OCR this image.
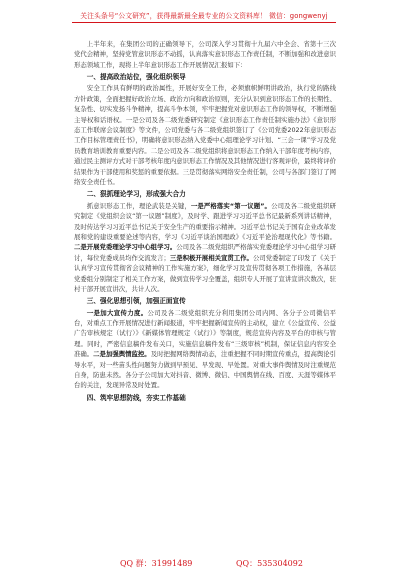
关注头条号“公文研究”，获得最新最全最专业的公文资料库！ 微信：gongwenyj

上半年来，在集团公司的正确领导下，公司深入学习贯彻十九届六中全会、省第十三次党代会精神，坚持党管意识形态不动摇，认真落实意识形态工作责任制，不断加强和改进意识形态领域工作，现将上半年意识形态工作开展情况汇报如下：

一、提高政治站位，强化组织领导

安全工作具有鲜明的政治属性，开展好安全工作，必须旗帜鲜明讲政治，执行党的路线方针政策，全面把握好政治立场、政治方向和政治原则，充分认识到意识形态工作的长期性、复杂性、切实发扬斗争精神，提高斗争本领，牢牢把握党对意识形态工作的领导权，不断增强主导权和话语权。一是公司及各二级党委研究制定《意识形态工作责任制实施办法》《意识形态工作联席会议制度》等文件，公司党委与各二级党组织签订了《公司党委2022年意识形态工作目标管理责任书》，明确将意识形态纳入党委中心组理论学习计划、“三会一课”学习及党员教育培训教育重要内容。二是公司及各二级党组织将意识形态工作纳入干部年度考核内容，通过民主测评方式对干部考核年度内意识形态工作情况及其他情况进行客观评价，最终将评价结果作为干部使用和奖惩的重要依据。三是贯彻落实网络安全责任制，公司与各部门签订了网络安全责任书。

二、狠抓理论学习，形成强大合力

抓意识形态工作，理论武装是关键，一是严格落实“第一议题”。公司及各二级党组织研究制定《党组织会议“第一议题”制度》，及时学、跟进学习习近平总书记最新系列讲话精神，及时传达学习习近平总书记关于安全生产的重要指示精神。习近平总书记关于国有企业改革发展和党的建设重要论述等内容，学习《习近平谈治国理政》《习近平论治理现代化》等书籍。二是开展党委理论学习中心组学习。公司及各二级党组织严格落实党委理论学习中心组学习研讨，每位党委成员均作交流发言；三是积极开展相关宣贯工作。公司党委制定了印发了《关于认真学习宣传贯彻省会议精神的工作实施方案》，细化学习及宣传贯彻各项工作措施，各基层党委组分别制定了相关工作方案，做到宣传学习全覆盖，组织专人开展了宣讲宣讲次数次，驻村干部开展宣讲次，共计人次。

三、强化思想引领，加强正面宣传

一是加大宣传力度。公司及各二级党组织充分利用集团公司内网、各分子公司微信平台，对重点工作开展情况进行新闻报道，牢牢把握新闻宣传的主动权，建立《公益宣传、公益广告审核规定（试行）》《新媒体管理规定（试行）》等制度，规范宣传内容及平台的审核与管理。同时，严密信息稿件发布关口，实施信息稿件发布“三级审核”机制，保证信息内容安全准确。二是加强舆情监控。及时把握网络舆情动态，注重把握不同时期宣传重点，提高舆论引导水平，对一些苗头性问题努力做到早预见、早发现、早处置。对重大事件舆情及时注重规范自身，防患未然。各分子公司加大对抖音、微博、微信、中国舆情在线、百度、天涯等媒体平台的关注，发现异常及时处置。

四、筑牢思想防线，夯实工作基础
QQ 群：31991489	QQ：535304092
